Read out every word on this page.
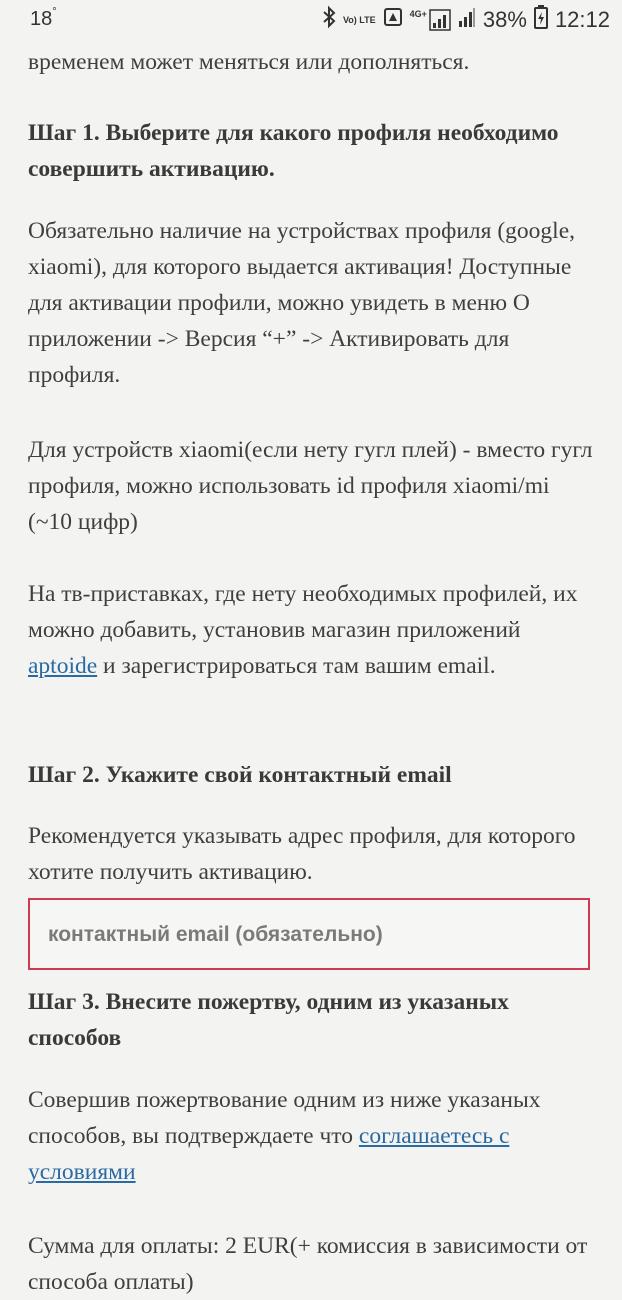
18°
Vo) LTE
4G+	38% 12:12

временем может меняться или дополняться.

Шаг 1. Выберите для какого профиля необходимо совершить активацию.

Обязательно наличие на устройствах профиля (google, xiaomi), для которого выдается активация! Доступные для активации профили, можно увидеть в меню О приложении -> Версия “+” -> Активировать для профиля.

Для устройств xiaomi(если нету гугл плей) - вместо гугл профиля, можно использовать id профиля xiaomi/mi (~10 цифр)

На тв-приставках, где нету необходимых профилей, их можно добавить, установив магазин приложений aptoide и зарегистрироваться там вашим email.

Шаг 2. Укажите свой контактный email

Рекомендуется указывать адрес профиля, для которого хотите получить активацию.

контактный email (обязательно)
Шаг 3. Внесите пожертву, одним из указаных способов

Совершив пожертвование одним из ниже указаных способов, вы подтверждаете что соглашаетесь с условиями

Сумма для оплаты: 2 EUR(+ комиссия в зависимости от способа оплаты)
